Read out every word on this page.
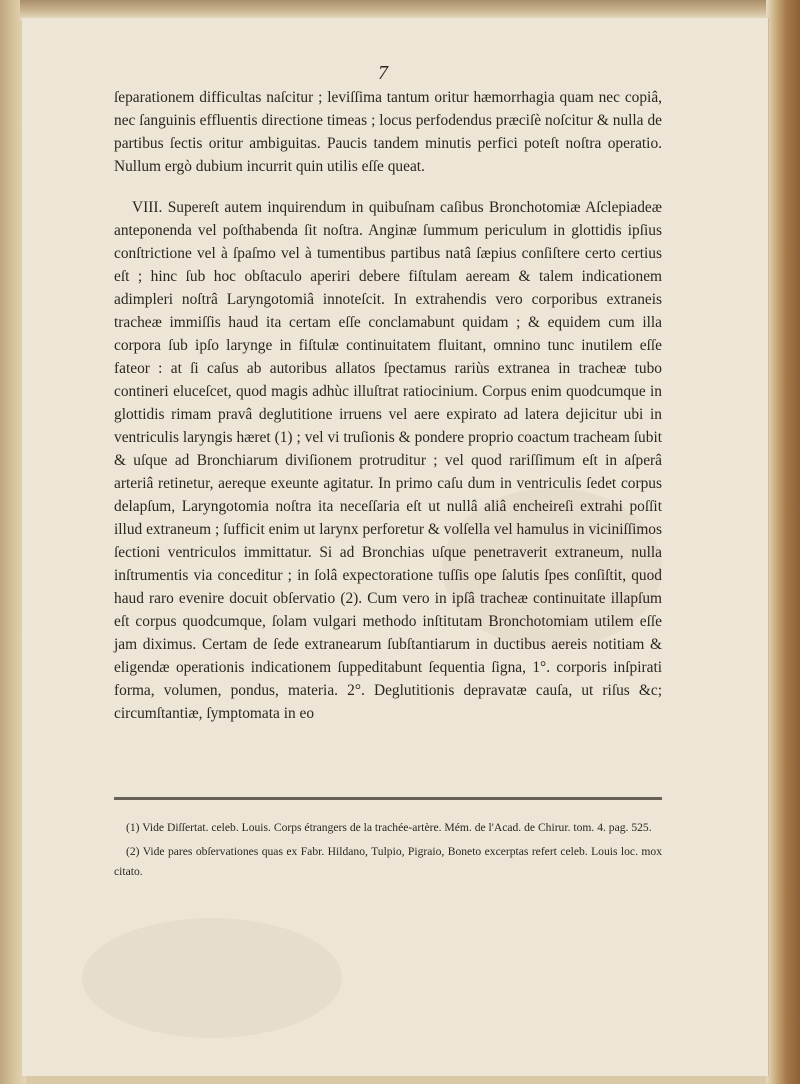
7

ſeparationem difficultas naſcitur ; leviſſima tantum oritur hæmorrhagia quam nec copiâ, nec ſanguinis effluentis directione timeas ; locus perfodendus præciſè noſcitur & nulla de partibus ſectis oritur ambiguitas. Paucis tandem minutis perfici poteſt noſtra operatio. Nullum ergò dubium incurrit quin utilis eſſe queat.

VIII. Supereſt autem inquirendum in quibuſnam caſibus Bronchotomiæ Aſclepiadeæ anteponenda vel poſthabenda ſit noſtra. Anginæ ſummum periculum in glottidis ipſius conſtrictione vel à ſpaſmo vel à tumentibus partibus natâ ſæpius conſiſtere certo certius eſt ; hinc ſub hoc obſtaculo aperiri debere fiſtulam aeream & talem indicationem adimpleri noſtrâ Laryngotomiâ innoteſcit. In extrahendis vero corporibus extraneis tracheæ immiſſis haud ita certam eſſe conclamabunt quidam ; & equidem cum illa corpora ſub ipſo larynge in fiſtulæ continuitatem fluitant, omnino tunc inutilem eſſe fateor : at ſi caſus ab autoribus allatos ſpectamus rariùs extranea in tracheæ tubo contineri eluceſcet, quod magis adhùc illuſtrat ratiocinium. Corpus enim quodcumque in glottidis rimam pravâ deglutitione irruens vel aere expirato ad latera dejicitur ubi in ventriculis laryngis hæret (1) ; vel vi truſionis & pondere proprio coactum tracheam ſubit & uſque ad Bronchiarum diviſionem protruditur ; vel quod rariſſimum eſt in aſperâ arteriâ retinetur, aereque exeunte agitatur. In primo caſu dum in ventriculis ſedet corpus delapſum, Laryngotomia noſtra ita neceſſaria eſt ut nullâ aliâ encheireſi extrahi poſſit illud extraneum ; ſufficit enim ut larynx perforetur & volſella vel hamulus in viciniſſimos ſectioni ventriculos immittatur. Si ad Bronchias uſque penetraverit extraneum, nulla inſtrumentis via conceditur ; in ſolâ expectoratione tuſſis ope ſalutis ſpes conſiſtit, quod haud raro evenire docuit obſervatio (2). Cum vero in ipſâ tracheæ continuitate illapſum eſt corpus quodcumque, ſolam vulgari methodo inſtitutam Bronchotomiam utilem eſſe jam diximus. Certam de ſede extranearum ſubſtantiarum in ductibus aereis notitiam & eligendæ operationis indicationem ſuppeditabunt ſequentia ſigna, 1°. corporis inſpirati forma, volumen, pondus, materia. 2°. Deglutitionis depravatæ cauſa, ut riſus &c; circumſtantiæ, ſymptomata in eo

(1) Vide Diſſertat. celeb. Louis. Corps étrangers de la trachée-artère. Mém. de l'Acad. de Chirur. tom. 4. pag. 525.

(2) Vide pares obſervationes quas ex Fabr. Hildano, Tulpio, Pigraio, Boneto excerptas refert celeb. Louis loc. mox citato.
